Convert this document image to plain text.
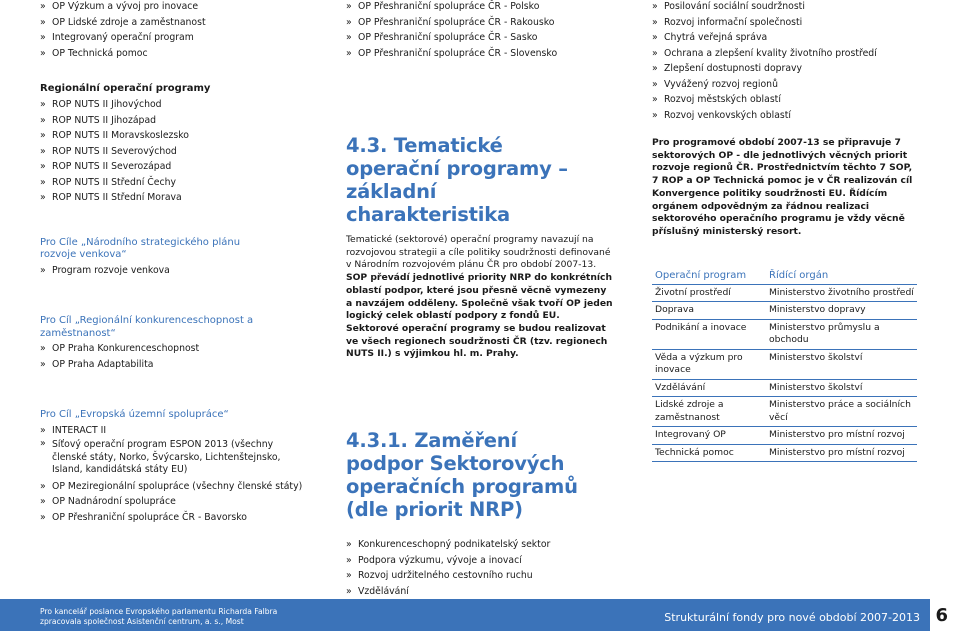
» OP Výzkum a vývoj pro inovace
» OP Lidské zdroje a zaměstnanost
» Integrovaný operační program
» OP Technická pomoc

Regionální operační programy

» ROP NUTS II Jihovýchod
» ROP NUTS II Jihozápad
» ROP NUTS II Moravskoslezsko
» ROP NUTS II Severovýchod
» ROP NUTS II Severozápad
» ROP NUTS II Střední Čechy
» ROP NUTS II Střední Morava

Pro Cíle „Národního strategického plánu rozvoje venkova“

» Program rozvoje venkova

Pro Cíl „Regionální konkurenceschopnost a zaměstnanost“

» OP Praha Konkurenceschopnost
» OP Praha Adaptabilita

Pro Cíl „Evropská územní spolupráce“

» INTERACT II
» Síťový operační program ESPON 2013 (všechny členské státy, Norko, Švýcarsko, Lichtenštejnsko, Island, kandidátská státy EU)
» OP Meziregionální spolupráce (všechny členské státy)
» OP Nadnárodní spolupráce
» OP Přeshraniční spolupráce ČR - Bavorsko
» OP Přeshraniční spolupráce ČR - Polsko
» OP Přeshraniční spolupráce ČR - Rakousko
» OP Přeshraniční spolupráce ČR - Sasko
» OP Přeshraniční spolupráce ČR - Slovensko
4.3. Tematické operační programy – základní charakteristika

Tematické (sektorové) operační programy navazují na rozvojovou strategii a cíle politiky soudržnosti definované v Národním rozvojovém plánu ČR pro období 2007-13. SOP převádí jednotlivé priority NRP do konkrétních oblastí podpor, které jsou přesně věcně vymezeny a navzájem odděleny. Společně však tvoří OP jeden logický celek oblastí podpory z fondů EU. Sektorové operační programy se budou realizovat ve všech regionech soudržnosti ČR (tzv. regionech NUTS II.) s výjimkou hl. m. Prahy.

4.3.1. Zaměření podpor Sektorových operačních programů (dle priorit NRP)
» Konkurenceschopný podnikatelský sektor
» Podpora výzkumu, vývoje a inovací
» Rozvoj udržitelného cestovního ruchu
» Vzdělávání
»
» Posilování sociální soudržnosti
» Rozvoj informační společnosti
» Chytrá veřejná správa
» Ochrana a zlepšení kvality životního prostředí
» Zlepšení dostupnosti dopravy
» Vyvážený rozvoj regionů
» Rozvoj městských oblastí
» Rozvoj venkovských oblastí

Pro programové období 2007-13 se připravuje 7 sektorových OP - dle jednotlivých věcných priorit rozvoje regionů ČR. Prostřednictvím těchto 7 SOP, 7 ROP a OP Technická pomoc je v ČR realizován cíl Konvergence politiky soudržnosti EU. Řídícím orgánem odpovědným za řádnou realizaci sektorového operačního programu je vždy věcně příslušný ministerský resort.

Operační program	Řídící orgán
Životní prostředí	Ministerstvo životního prostředí
Doprava	Ministerstvo dopravy
Podnikání a inovace	Ministerstvo průmyslu a obchodu
Věda a výzkum pro inovace	Ministerstvo školství
Vzdělávání	Ministerstvo školství
Lidské zdroje a zaměstnanost	Ministerstvo práce a sociálních věcí
Integrovaný OP	Ministerstvo pro místní rozvoj
Technická pomoc	Ministerstvo pro místní rozvoj
Pro kancelář poslance Evropského parlamentu Richarda Falbra
zpracovala společnost Asistenční centrum, a. s., Most	Strukturální fondy pro nové období 2007-2013 6
